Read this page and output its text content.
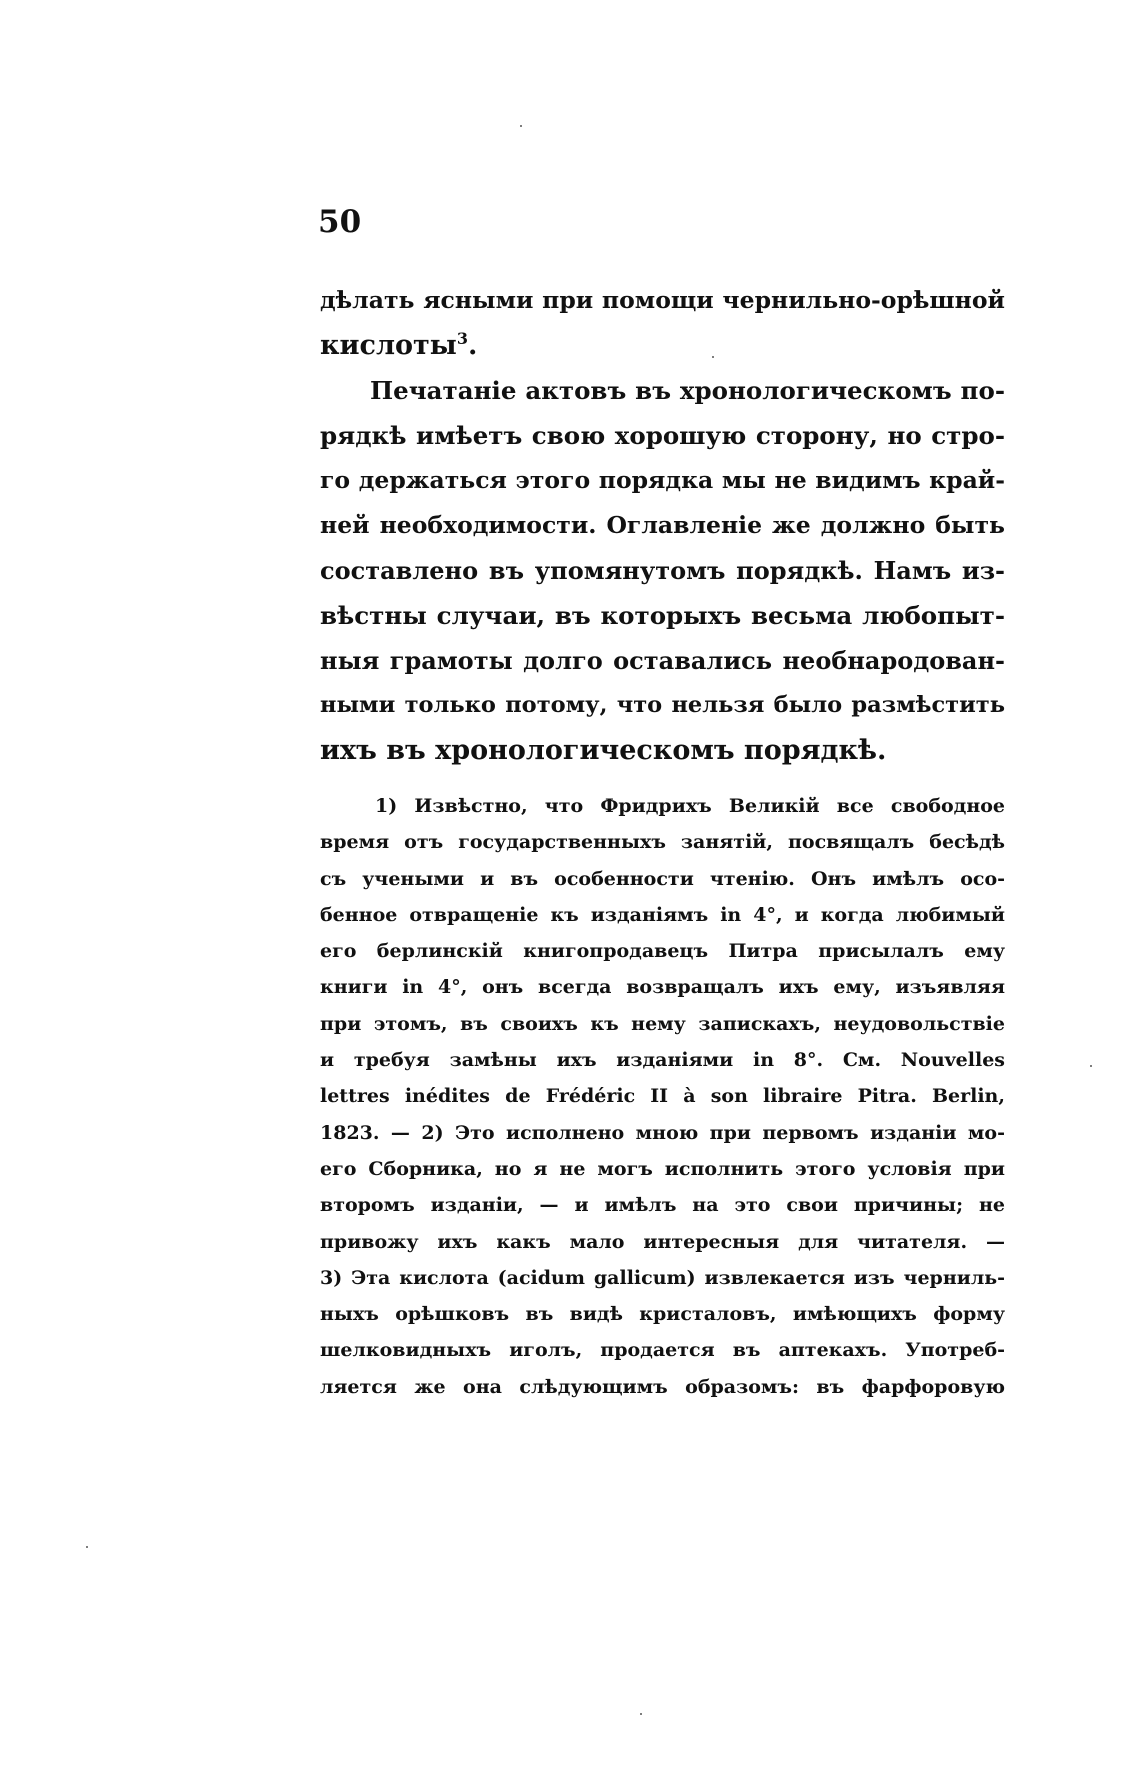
50
дѣлать ясными при помощи чернильно-орѣшной
кислоты$^3$.
Печатаніе актовъ въ хронологическомъ по-
рядкѣ имѣетъ свою хорошую сторону, но стро-
го держаться этого порядка мы не видимъ край-
ней необходимости. Оглавленіе же должно быть
составлено въ упомянутомъ порядкѣ. Намъ из-
вѣстны случаи, въ которыхъ весьма любопыт-
ныя грамоты долго оставались необнародован-
ными только потому, что нельзя было размѣстить
ихъ въ хронологическомъ порядкѣ.
1) Извѣстно, что Фридрихъ Великій все свободное
время отъ государственныхъ занятій, посвящалъ бесѣдѣ
съ учеными и въ особенности чтенію. Онъ имѣлъ осо-
бенное отвращеніе къ изданіямъ in 4°, и когда любимый
его берлинскій книгопродавецъ Питра присылалъ ему
книги in 4°, онъ всегда возвращалъ ихъ ему, изъявляя
при этомъ, въ своихъ къ нему запискахъ, неудовольствіе
и требуя замѣны ихъ изданіями in 8°. См. Nouvelles
lettres inédites de Frédéric II à son libraire Pitra. Berlin,
1823. — 2) Это исполнено мною при первомъ изданіи мо-
его Сборника, но я не могъ исполнить этого условія при
второмъ изданіи, — и имѣлъ на это свои причины; не
привожу ихъ какъ мало интересныя для читателя. —
3) Эта кислота (acidum gallicum) извлекается изъ черниль-
ныхъ орѣшковъ въ видѣ кристаловъ, имѣющихъ форму
шелковидныхъ иголъ, продается въ аптекахъ. Употреб-
ляется же она слѣдующимъ образомъ: въ фарфоровую
